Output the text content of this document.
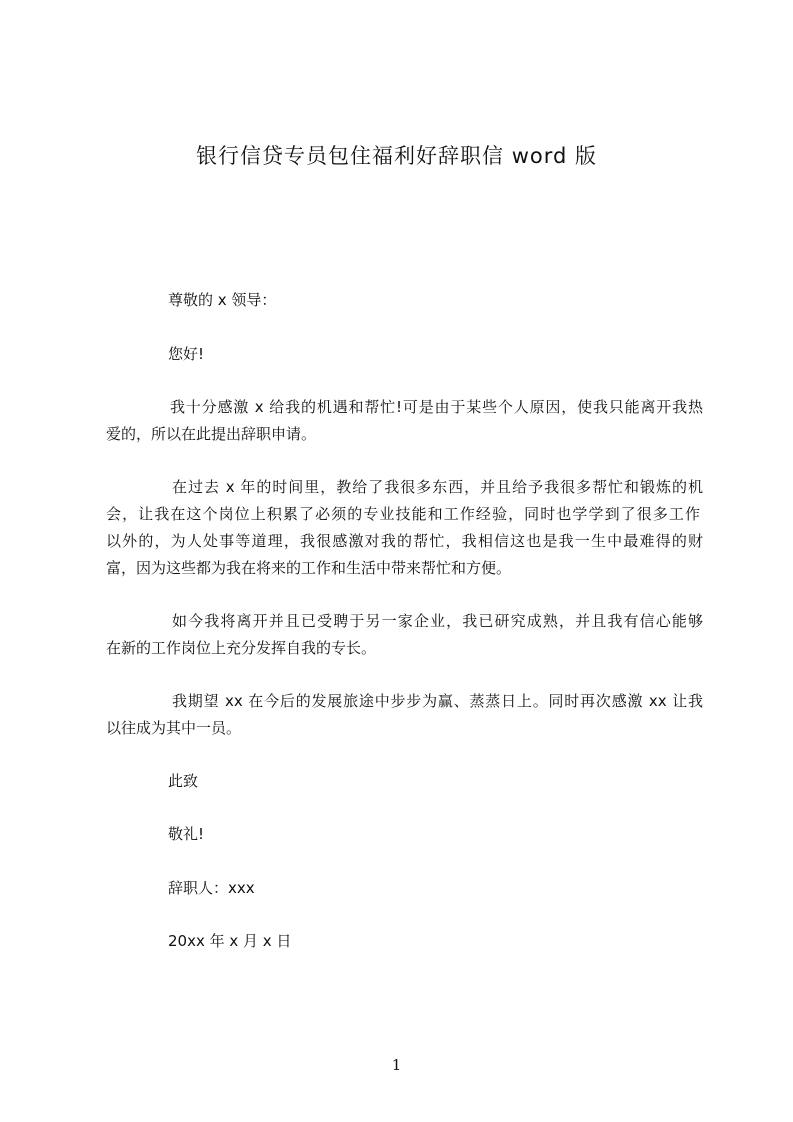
银行信贷专员包住福利好辞职信 word 版
尊敬的 x 领导：
您好!
我十分感激 x 给我的机遇和帮忙!可是由于某些个人原因，使我只能离开我热
爱的，所以在此提出辞职申请。
在过去 x 年的时间里，教给了我很多东西，并且给予我很多帮忙和锻炼的机
会，让我在这个岗位上积累了必须的专业技能和工作经验，同时也学学到了很多工作
以外的，为人处事等道理，我很感激对我的帮忙，我相信这也是我一生中最难得的财
富，因为这些都为我在将来的工作和生活中带来帮忙和方便。
如今我将离开并且已受聘于另一家企业，我已研究成熟，并且我有信心能够
在新的工作岗位上充分发挥自我的专长。
我期望 xx 在今后的发展旅途中步步为赢、蒸蒸日上。同时再次感激 xx 让我
以往成为其中一员。
此致
敬礼!
辞职人：xxx
20xx 年 x 月 x 日
1
